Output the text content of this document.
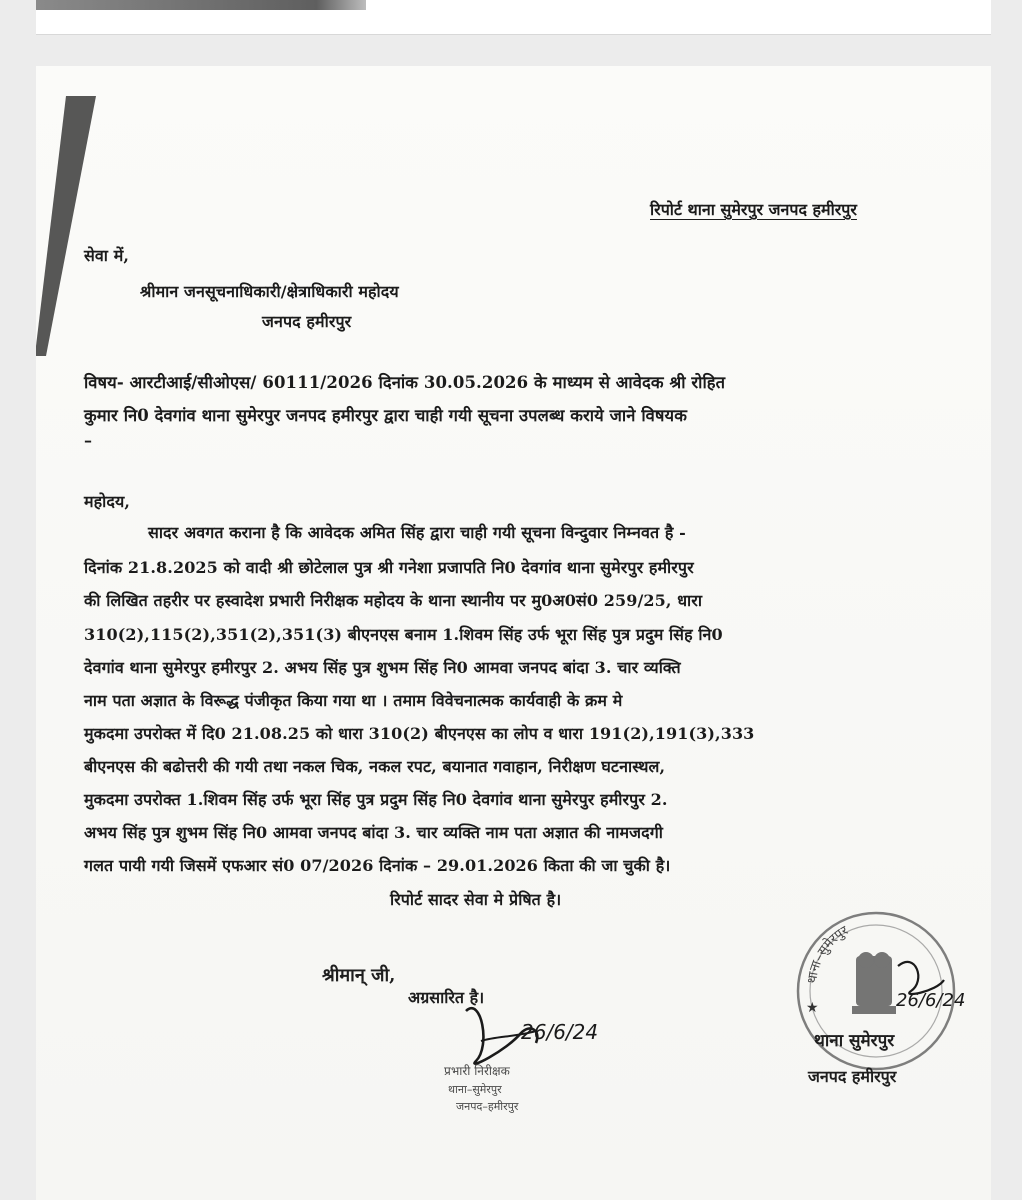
रिपोर्ट थाना सुमेरपुर जनपद हमीरपुर
सेवा में,
श्रीमान जनसूचनाधिकारी/क्षेत्राधिकारी महोदय
जनपद हमीरपुर
विषय- आरटीआई/सीओएस/ 60111/2026 दिनांक 30.05.2026 के माध्यम से आवेदक श्री रोहित
कुमार नि0 देवगांव थाना सुमेरपुर जनपद हमीरपुर द्वारा चाही गयी सूचना उपलब्ध कराये जाने विषयक
–
महोदय,
सादर अवगत कराना है कि आवेदक अमित सिंह द्वारा चाही गयी सूचना विन्दुवार निम्नवत है -
दिनांक 21.8.2025 को वादी श्री छोटेलाल पुत्र श्री गनेशा प्रजापति नि0 देवगांव थाना सुमेरपुर हमीरपुर
की लिखित तहरीर पर हस्वादेश प्रभारी निरीक्षक महोदय के थाना स्थानीय पर मु0अ0सं0 259/25, धारा
310(2),115(2),351(2),351(3) बीएनएस बनाम 1.शिवम सिंह उर्फ भूरा सिंह पुत्र प्रदुम सिंह नि0
देवगांव थाना सुमेरपुर हमीरपुर 2. अभय सिंह पुत्र शुभम सिंह नि0 आमवा जनपद बांदा 3. चार व्यक्ति
नाम पता अज्ञात के विरूद्ध पंजीकृत किया गया था । तमाम विवेचनात्मक कार्यवाही के क्रम मे
मुकदमा उपरोक्त में दि0 21.08.25 को धारा 310(2) बीएनएस का लोप व धारा 191(2),191(3),333
बीएनएस की बढोत्तरी की गयी तथा नकल चिक, नकल रपट, बयानात गवाहान, निरीक्षण घटनास्थल,
मुकदमा उपरोक्त 1.शिवम सिंह उर्फ भूरा सिंह पुत्र प्रदुम सिंह नि0 देवगांव थाना सुमेरपुर हमीरपुर 2.
अभय सिंह पुत्र शुभम सिंह नि0 आमवा जनपद बांदा 3. चार व्यक्ति नाम पता अज्ञात की नामजदगी
गलत पायी गयी जिसमें एफआर सं0 07/2026 दिनांक – 29.01.2026 किता की जा चुकी है।
रिपोर्ट सादर सेवा मे प्रेषित है।
श्रीमान् जी,
अग्रसारित है।
26/6/24
प्रभारी निरीक्षक
थाना–सुमेरपुर
जनपद–हमीरपुर
थाना–सुमेरपुर
★	26/6/24
थाना सुमेरपुर
जनपद हमीरपुर
